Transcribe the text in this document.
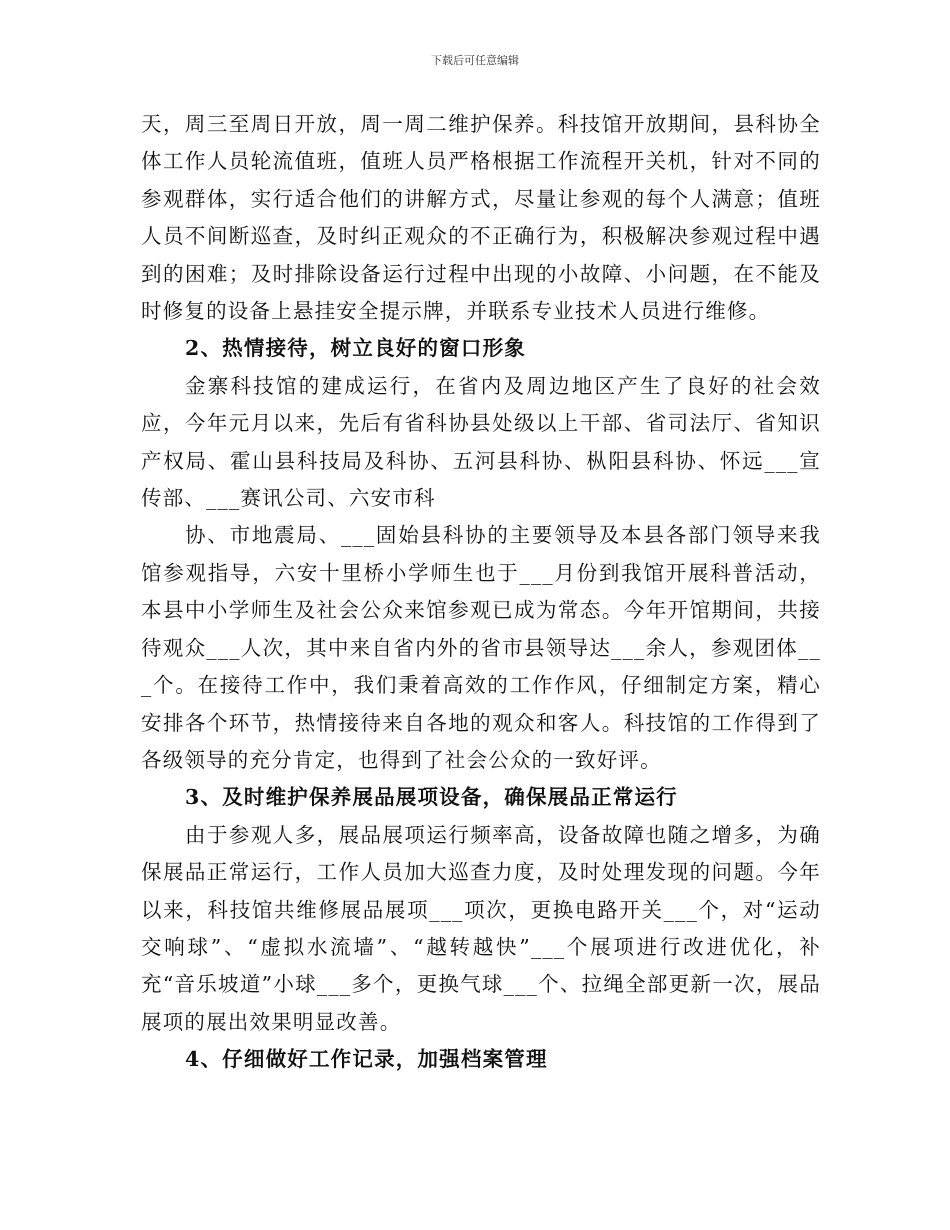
下载后可任意编辑

天，周三至周日开放，周一周二维护保养。科技馆开放期间，县科协全体工作人员轮流值班，值班人员严格根据工作流程开关机，针对不同的参观群体，实行适合他们的讲解方式，尽量让参观的每个人满意；值班人员不间断巡查，及时纠正观众的不正确行为，积极解决参观过程中遇到的困难；及时排除设备运行过程中出现的小故障、小问题，在不能及时修复的设备上悬挂安全提示牌，并联系专业技术人员进行维修。

2、热情接待，树立良好的窗口形象

金寨科技馆的建成运行，在省内及周边地区产生了良好的社会效应，今年元月以来，先后有省科协县处级以上干部、省司法厅、省知识产权局、霍山县科技局及科协、五河县科协、枞阳县科协、怀远___宣传部、___赛讯公司、六安市科

协、市地震局、___固始县科协的主要领导及本县各部门领导来我馆参观指导，六安十里桥小学师生也于___月份到我馆开展科普活动，本县中小学师生及社会公众来馆参观已成为常态。今年开馆期间，共接待观众___人次，其中来自省内外的省市县领导达___余人，参观团体___个。在接待工作中，我们秉着高效的工作作风，仔细制定方案，精心安排各个环节，热情接待来自各地的观众和客人。科技馆的工作得到了各级领导的充分肯定，也得到了社会公众的一致好评。

3、及时维护保养展品展项设备，确保展品正常运行

由于参观人多，展品展项运行频率高，设备故障也随之增多，为确保展品正常运行，工作人员加大巡查力度，及时处理发现的问题。今年以来，科技馆共维修展品展项___项次，更换电路开关___个，对“运动交响球”、“虚拟水流墙”、“越转越快”___个展项进行改进优化，补充“音乐坡道”小球___多个，更换气球___个、拉绳全部更新一次，展品展项的展出效果明显改善。

4、仔细做好工作记录，加强档案管理
